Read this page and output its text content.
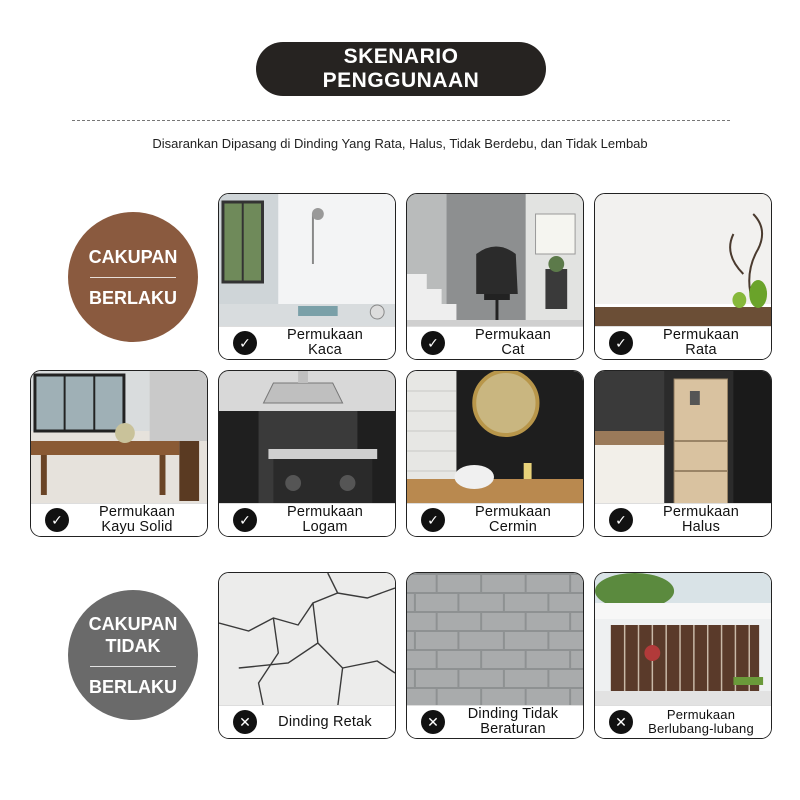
SKENARIO
PENGGUNAAN
Disarankan Dipasang di Dinding Yang Rata, Halus, Tidak Berdebu, dan Tidak Lembab
CAKUPAN
BERLAKU
✓	Permukaan
Kaca	✓	Permukaan
Cat	✓	Permukaan
Rata
✓	Permukaan
Kayu Solid	✓	Permukaan
Logam	✓	Permukaan
Cermin	✓	Permukaan
Halus
CAKUPAN
TIDAK
BERLAKU
✕	Dinding Retak	✕	Dinding Tidak
Beraturan	✕	Permukaan
Berlubang-lubang
